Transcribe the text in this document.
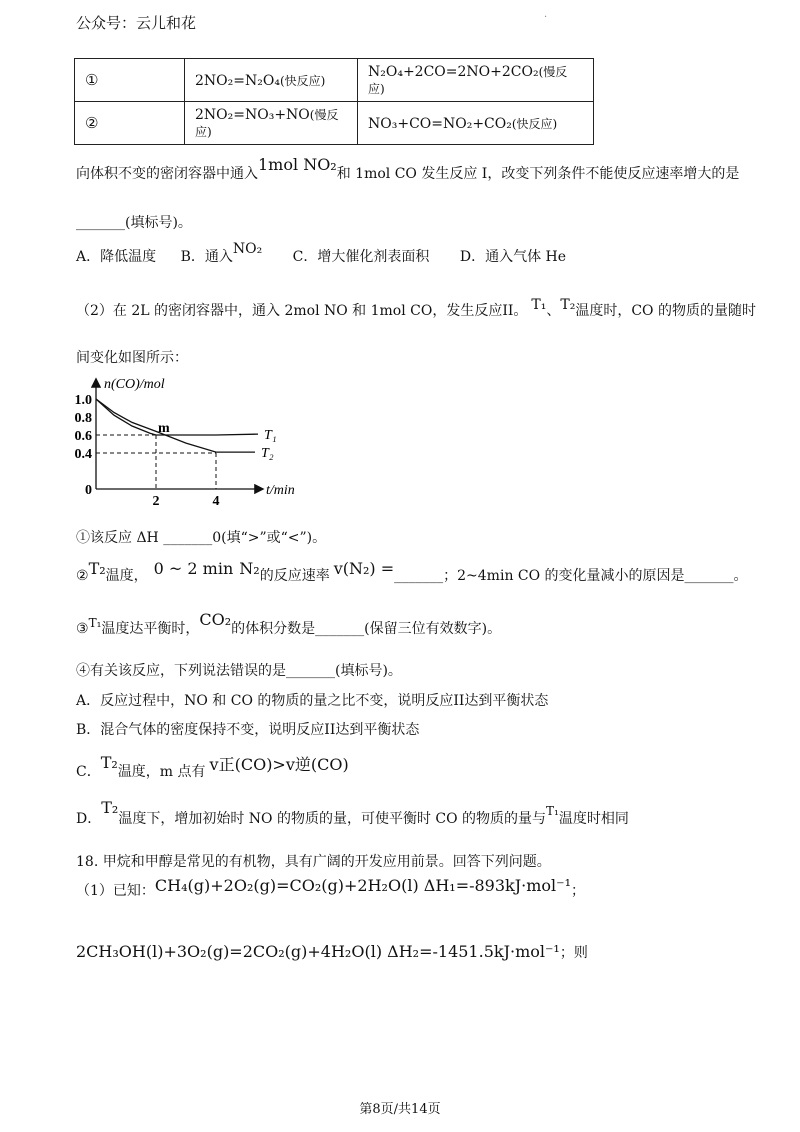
公众号：云儿和花	·
①	2NO₂=N₂O₄(快反应)	N₂O₄+2CO=2NO+2CO₂(慢反应)
②	2NO₂=NO₃+NO(慢反应)	NO₃+CO=NO₂+CO₂(快反应)
向体积不变的密闭容器中通入1mol NO₂和 1mol CO 发生反应 I，改变下列条件不能使反应速率增大的是
_______(填标号)。
A．降低温度 B．通入NO₂ C．增大催化剂表面积 D．通入气体 He
（2）在 2L 的密闭容器中，通入 2mol NO 和 1mol CO，发生反应II。 T₁、T₂温度时，CO 的物质的量随时
间变化如图所示：
n(CO)/mol
t/min
1.0
0.8
0.6
0.4
0
2	4
T₁
T₂
m
①该反应 ΔH _______0(填“>”或“<”)。
②T₂温度， 0 ~ 2 min N₂的反应速率 v(N₂) =_______；2~4min CO 的变化量减小的原因是_______。
③T₁温度达平衡时，CO₂的体积分数是_______(保留三位有效数字)。
④有关该反应，下列说法错误的是_______(填标号)。
A．反应过程中，NO 和 CO 的物质的量之比不变，说明反应II达到平衡状态
B．混合气体的密度保持不变，说明反应II达到平衡状态
C．T₂温度，m 点有 v正(CO)>v逆(CO)
D．T₂温度下，增加初始时 NO 的物质的量，可使平衡时 CO 的物质的量与T₁温度时相同
18. 甲烷和甲醇是常见的有机物，具有广阔的开发应用前景。回答下列问题。
（1）已知：CH₄(g)+2O₂(g)=CO₂(g)+2H₂O(l) ΔH₁=-893kJ·mol⁻¹；
2CH₃OH(l)+3O₂(g)=2CO₂(g)+4H₂O(l) ΔH₂=-1451.5kJ·mol⁻¹；则
第8页/共14页
